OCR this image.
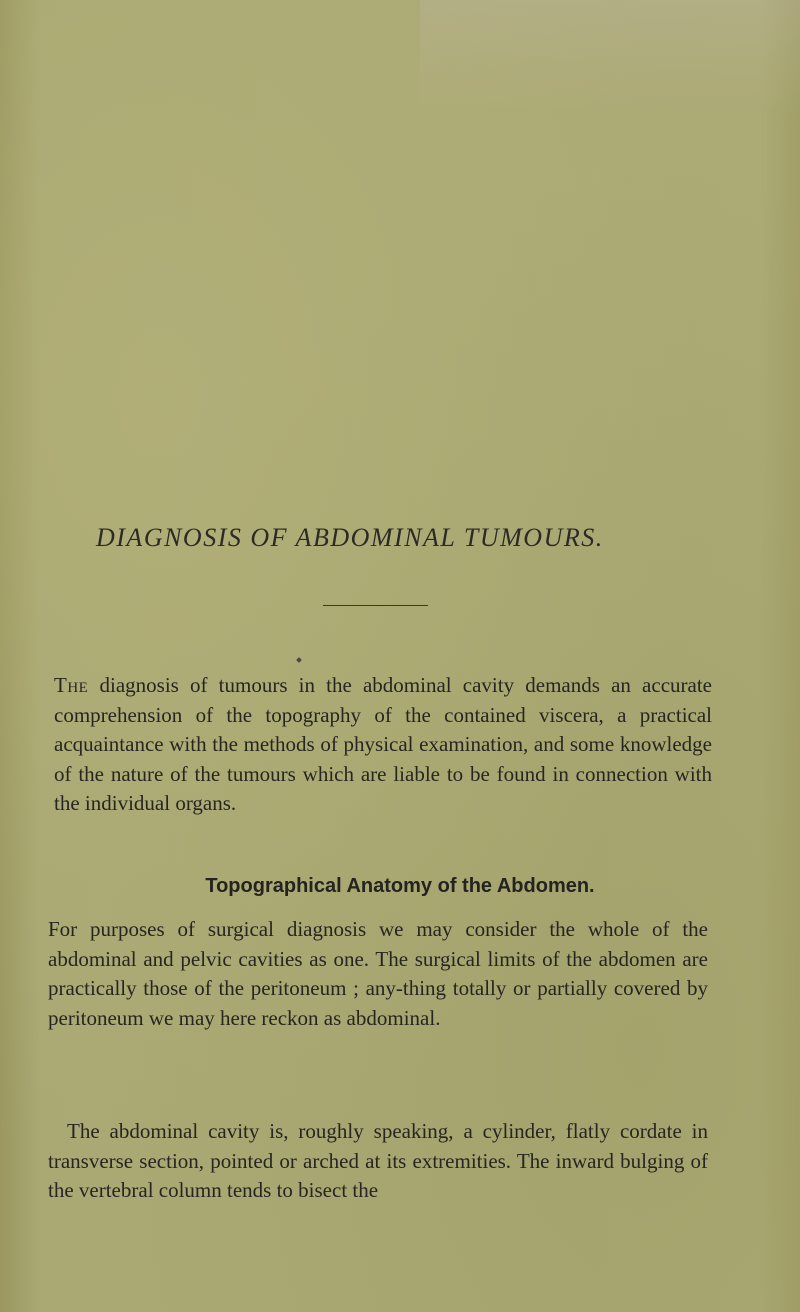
DIAGNOSIS OF ABDOMINAL TUMOURS.

The diagnosis of tumours in the abdominal cavity demands an accurate comprehension of the topography of the contained viscera, a practical acquaintance with the methods of physical examination, and some knowledge of the nature of the tumours which are liable to be found in connection with the individual organs.

Topographical Anatomy of the Abdomen.

For purposes of surgical diagnosis we may consider the whole of the abdominal and pelvic cavities as one. The surgical limits of the abdomen are practically those of the peritoneum ; any-thing totally or partially covered by peritoneum we may here reckon as abdominal.

The abdominal cavity is, roughly speaking, a cylinder, flatly cordate in transverse section, pointed or arched at its extremities. The inward bulging of the vertebral column tends to bisect the
